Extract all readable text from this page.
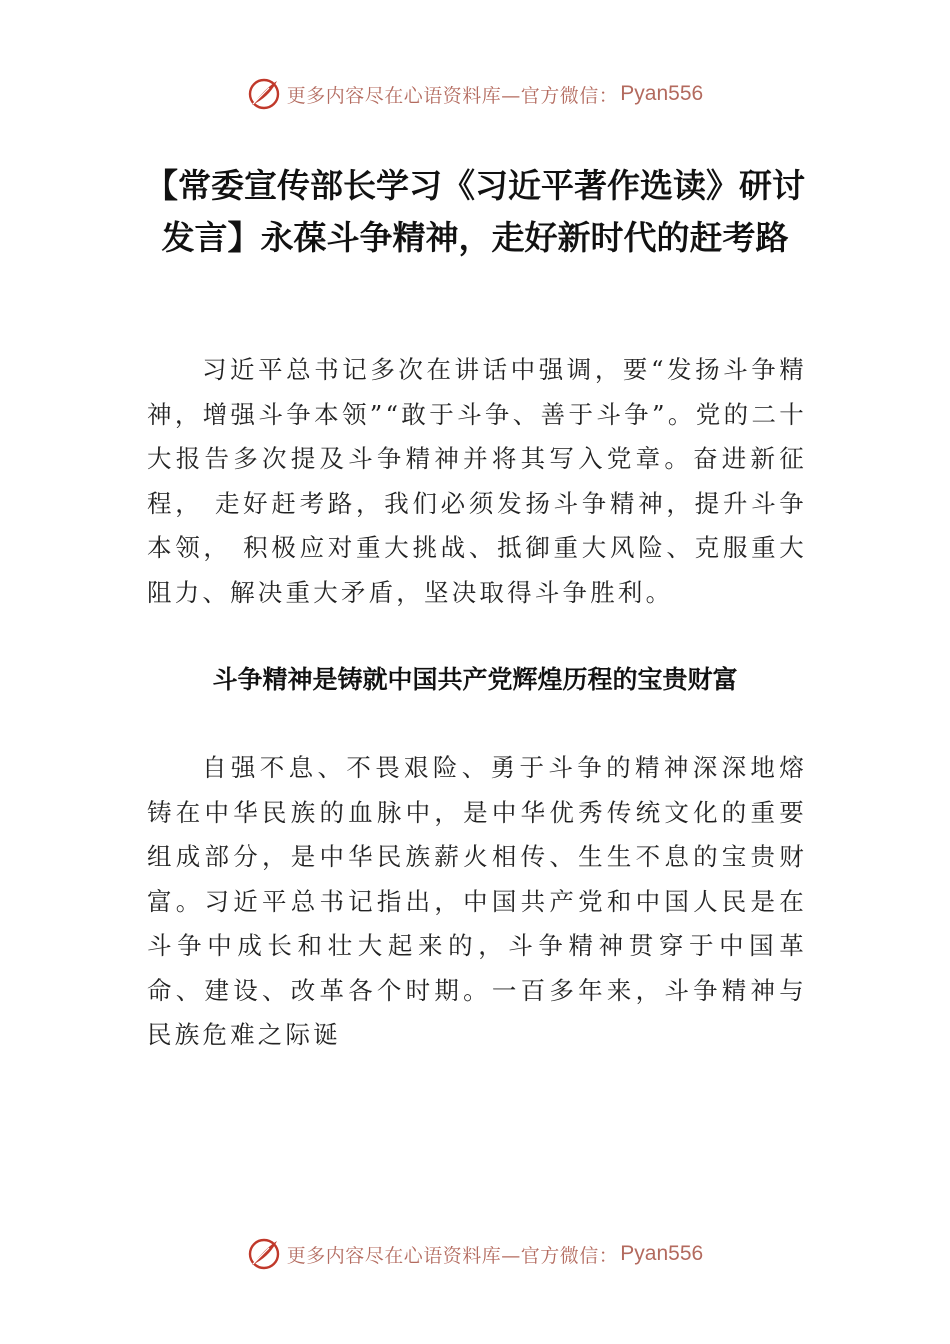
更多内容尽在心语资料库—官方微信： Pyan556
【常委宣传部长学习《习近平著作选读》研讨发言】永葆斗争精神，走好新时代的赶考路

习近平总书记多次在讲话中强调，要“发扬斗争精神，增强斗争本领”“敢于斗争、善于斗争”。党的二十大报告多次提及斗争精神并将其写入党章。奋进新征程， 走好赶考路，我们必须发扬斗争精神，提升斗争本领， 积极应对重大挑战、抵御重大风险、克服重大阻力、解决重大矛盾，坚决取得斗争胜利。

斗争精神是铸就中国共产党辉煌历程的宝贵财富

自强不息、不畏艰险、勇于斗争的精神深深地熔铸在中华民族的血脉中，是中华优秀传统文化的重要组成部分，是中华民族薪火相传、生生不息的宝贵财富。习近平总书记指出，中国共产党和中国人民是在斗争中成长和壮大起来的，斗争精神贯穿于中国革命、建设、改革各个时期。一百多年来，斗争精神与民族危难之际诞

更多内容尽在心语资料库—官方微信： Pyan556
